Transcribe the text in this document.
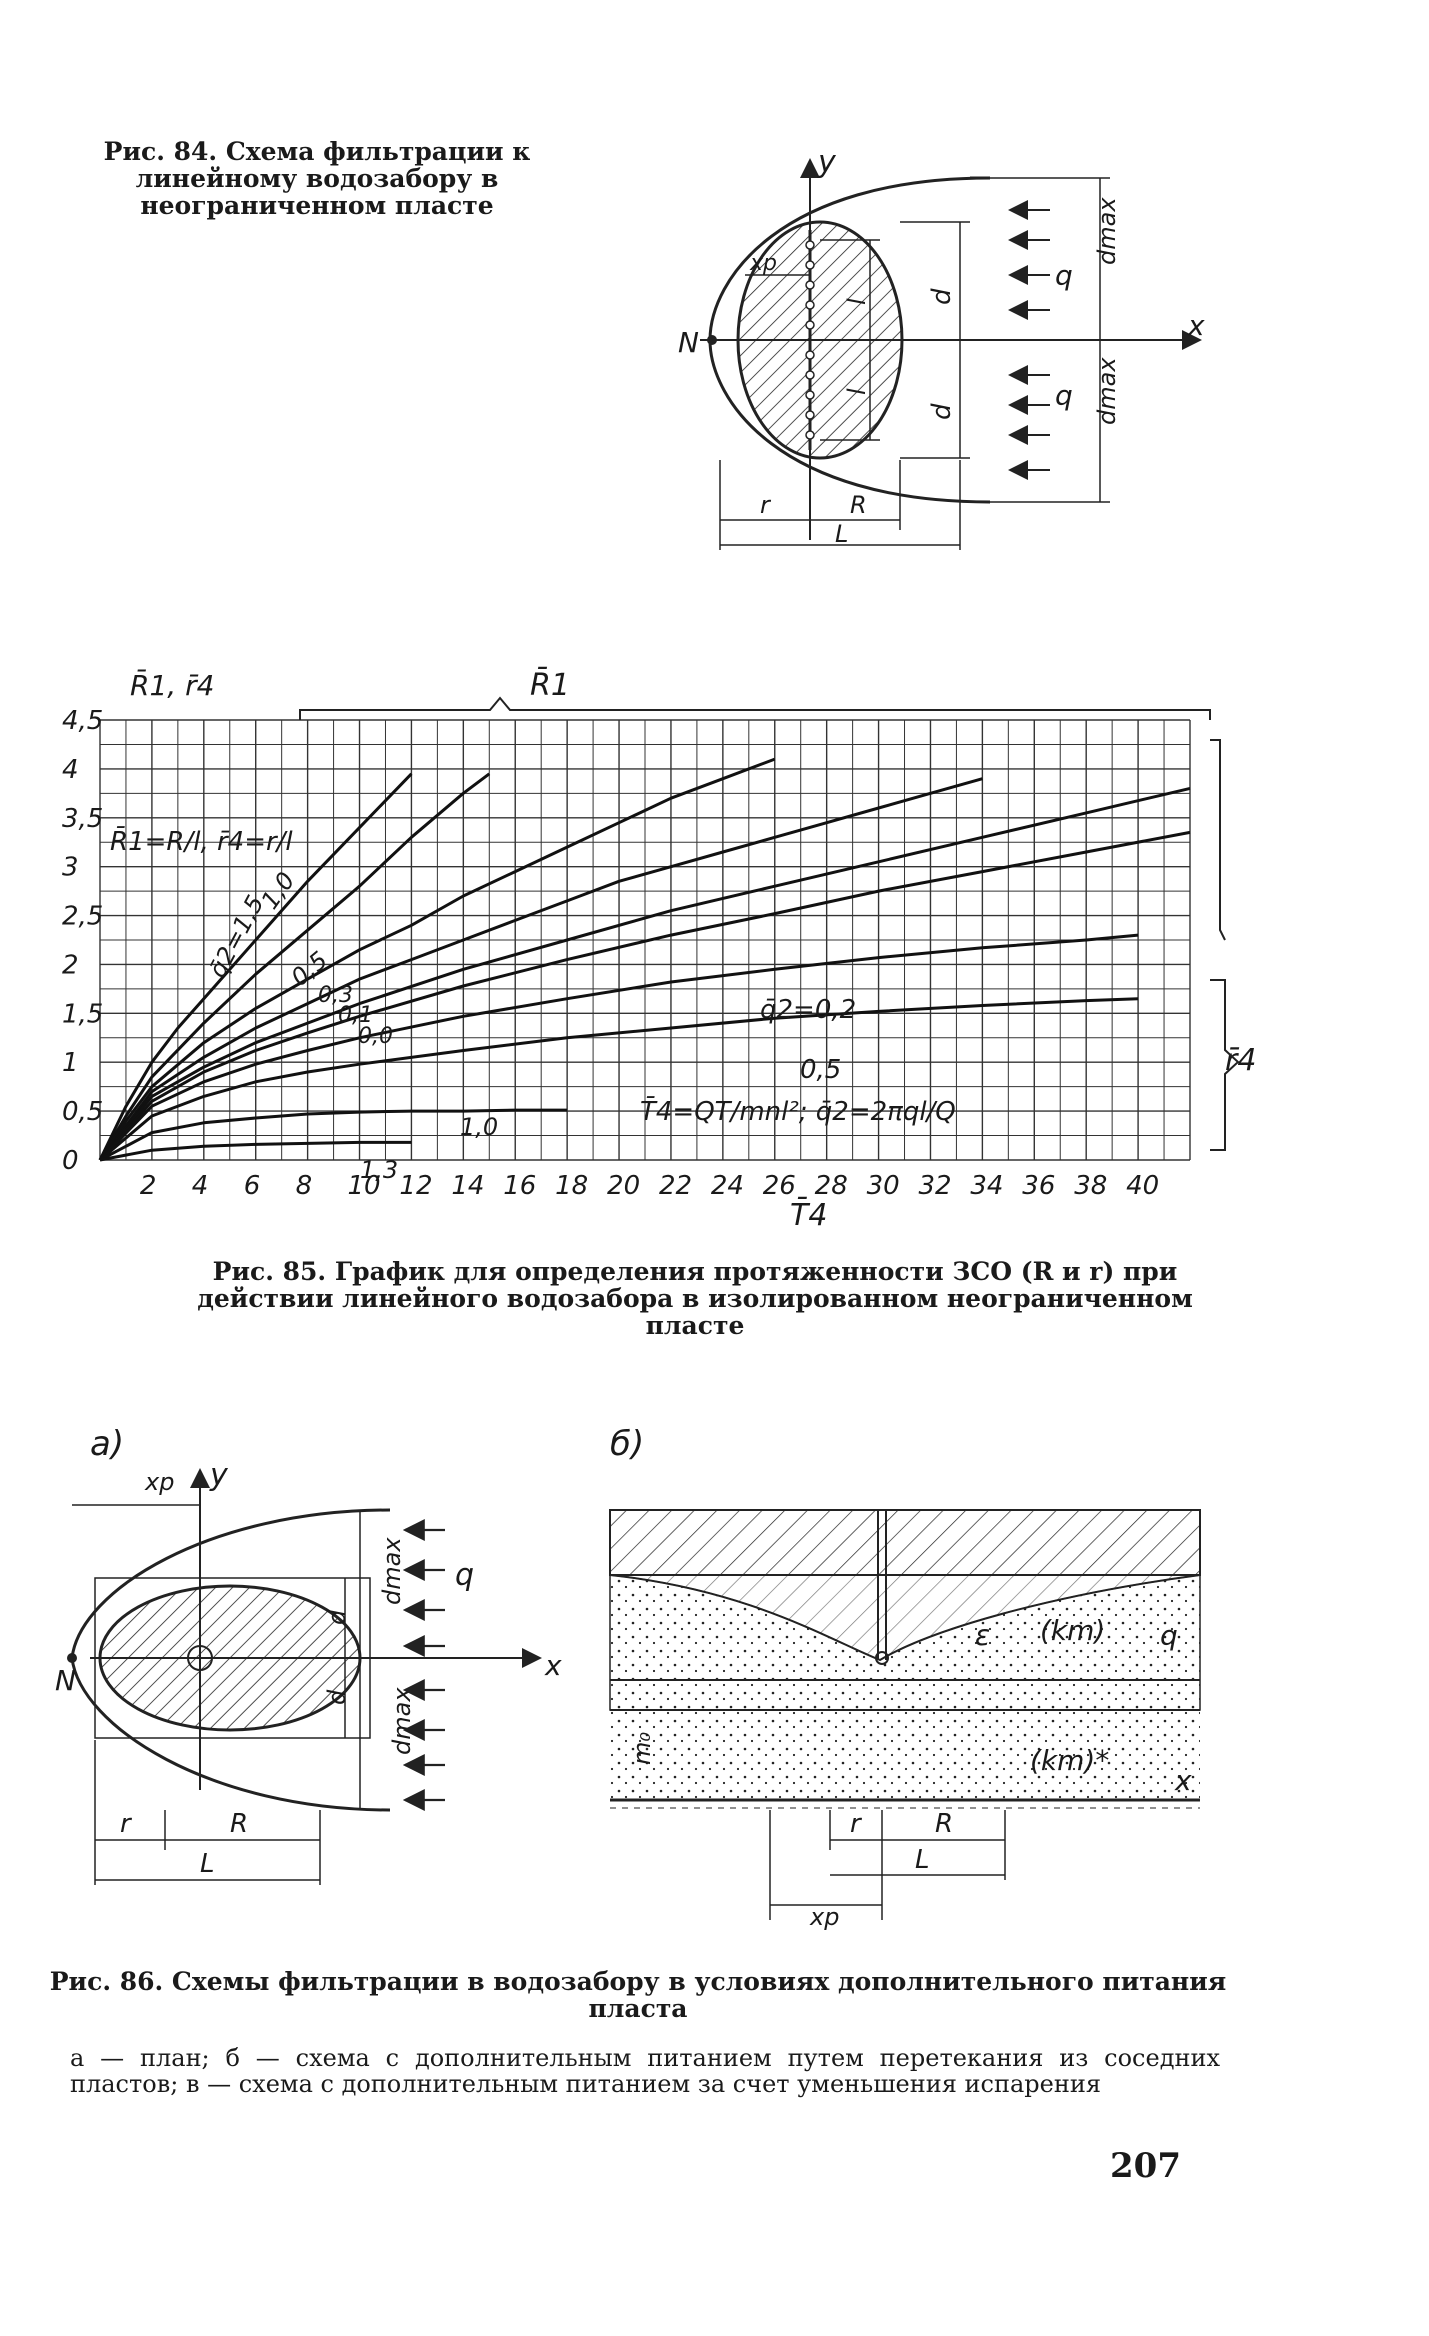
Рис. 84. Схема фильтрации к линейному водозабору в неограниченном пласте
y
x
N
l
l
xp
d
d
dmax
dmax
q
q
r	R
L
2 4 6 8 10 12 14 16 18 20 22 24 26 28 30 32 34 36 38 40
0
0,5
1
1,5
2
2,5
3
3,5
4
4,5
R̄1, r̄4
T̄4
R̄1=R/l, r̄4=r/l
T̄4=QT/mnl²; q̄2=2πql/Q
R̄1
r̄4
q̄2=1,5
1,0
0,5
0,3
0,1
0,0
q̄2=0,2
0,5
1,0
1,3
Рис. 85. График для определения протяженности ЗСО (R и r) при действии линейного водозабора в изолированном неограниченном пласте
а)
y
x
xp
N
d
d
dmax
dmax
q
r	R
L
б)
ε (km) q
(km)*
m₀
x
r	R
L
xp
Рис. 86. Схемы фильтрации в водозабору в условиях дополнительного питания пласта
а — план; б — схема с дополнительным питанием путем перетекания из соседних пластов; в — схема с дополнительным питанием за счет уменьшения испарения
207
